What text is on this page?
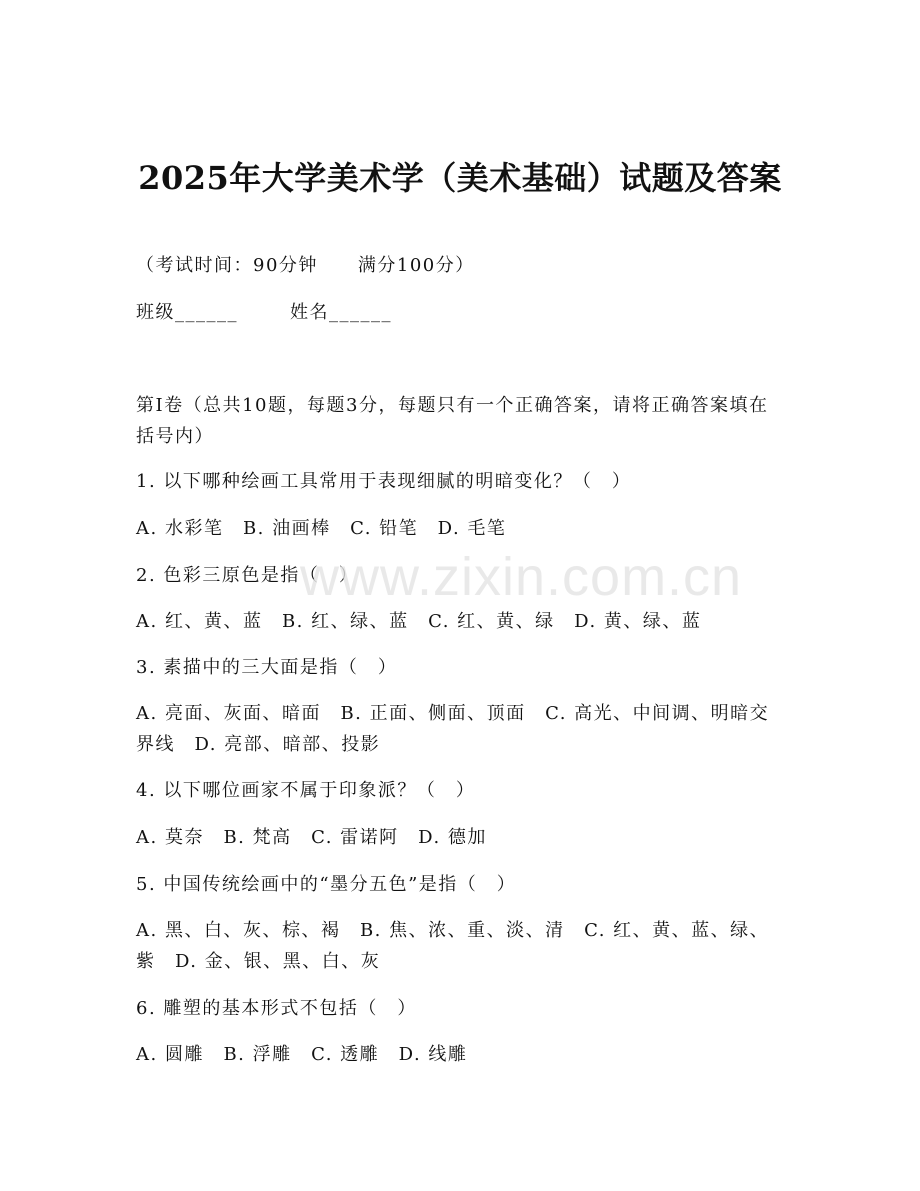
2025年大学美术学（美术基础）试题及答案
（考试时间：90分钟 满分100分）
班级______	姓名______
第I卷（总共10题，每题3分，每题只有一个正确答案，请将正确答案填在括号内）
1. 以下哪种绘画工具常用于表现细腻的明暗变化？（　）
A. 水彩笔　B. 油画棒　C. 铅笔　D. 毛笔
2. 色彩三原色是指（　）
A. 红、黄、蓝　B. 红、绿、蓝　C. 红、黄、绿　D. 黄、绿、蓝
3. 素描中的三大面是指（　）
A. 亮面、灰面、暗面　B. 正面、侧面、顶面　C. 高光、中间调、明暗交界线　D. 亮部、暗部、投影
4. 以下哪位画家不属于印象派？（　）
A. 莫奈　B. 梵高　C. 雷诺阿　D. 德加
5. 中国传统绘画中的“墨分五色”是指（　）
A. 黑、白、灰、棕、褐　B. 焦、浓、重、淡、清　C. 红、黄、蓝、绿、紫　D. 金、银、黑、白、灰
6. 雕塑的基本形式不包括（　）
A. 圆雕　B. 浮雕　C. 透雕　D. 线雕
www.zixin.com.cn
